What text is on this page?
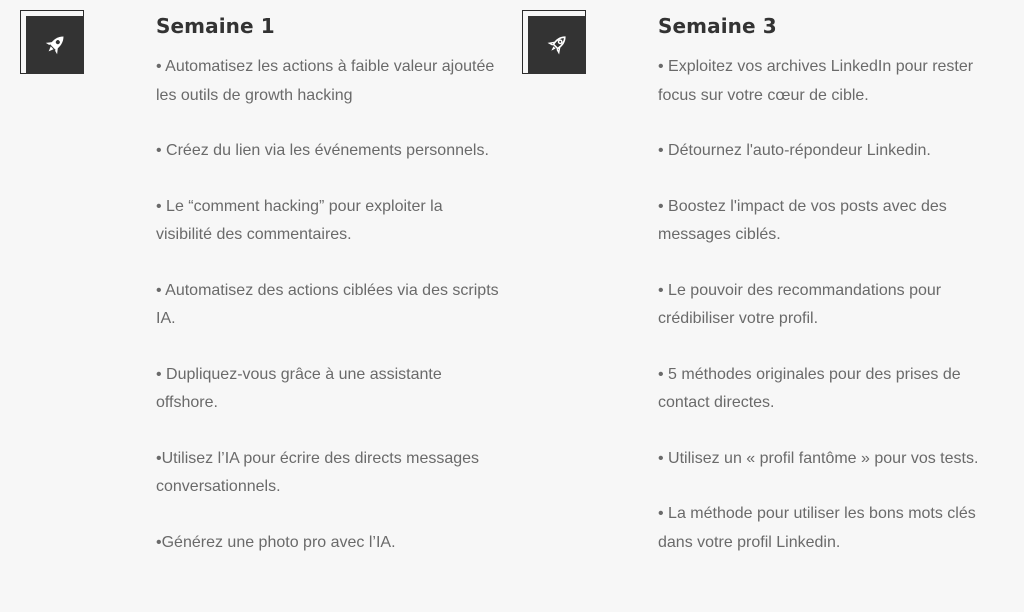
Semaine 1
• Automatisez les actions à faible valeur ajoutée les outils de growth hacking
• Créez du lien via les événements personnels.
• Le “comment hacking” pour exploiter la visibilité des commentaires.
• Automatisez des actions ciblées via des scripts IA.
• Dupliquez-vous grâce à une assistante offshore.
•Utilisez l’IA pour écrire des directs messages conversationnels.
•Générez une photo pro avec l’IA.
Semaine 3
• Exploitez vos archives LinkedIn pour rester focus sur votre cœur de cible.
• Détournez l'auto-répondeur Linkedin.
• Boostez l'impact de vos posts avec des messages ciblés.
• Le pouvoir des recommandations pour crédibiliser votre profil.
• 5 méthodes originales pour des prises de contact directes.
• Utilisez un « profil fantôme » pour vos tests.
• La méthode pour utiliser les bons mots clés dans votre profil Linkedin.
